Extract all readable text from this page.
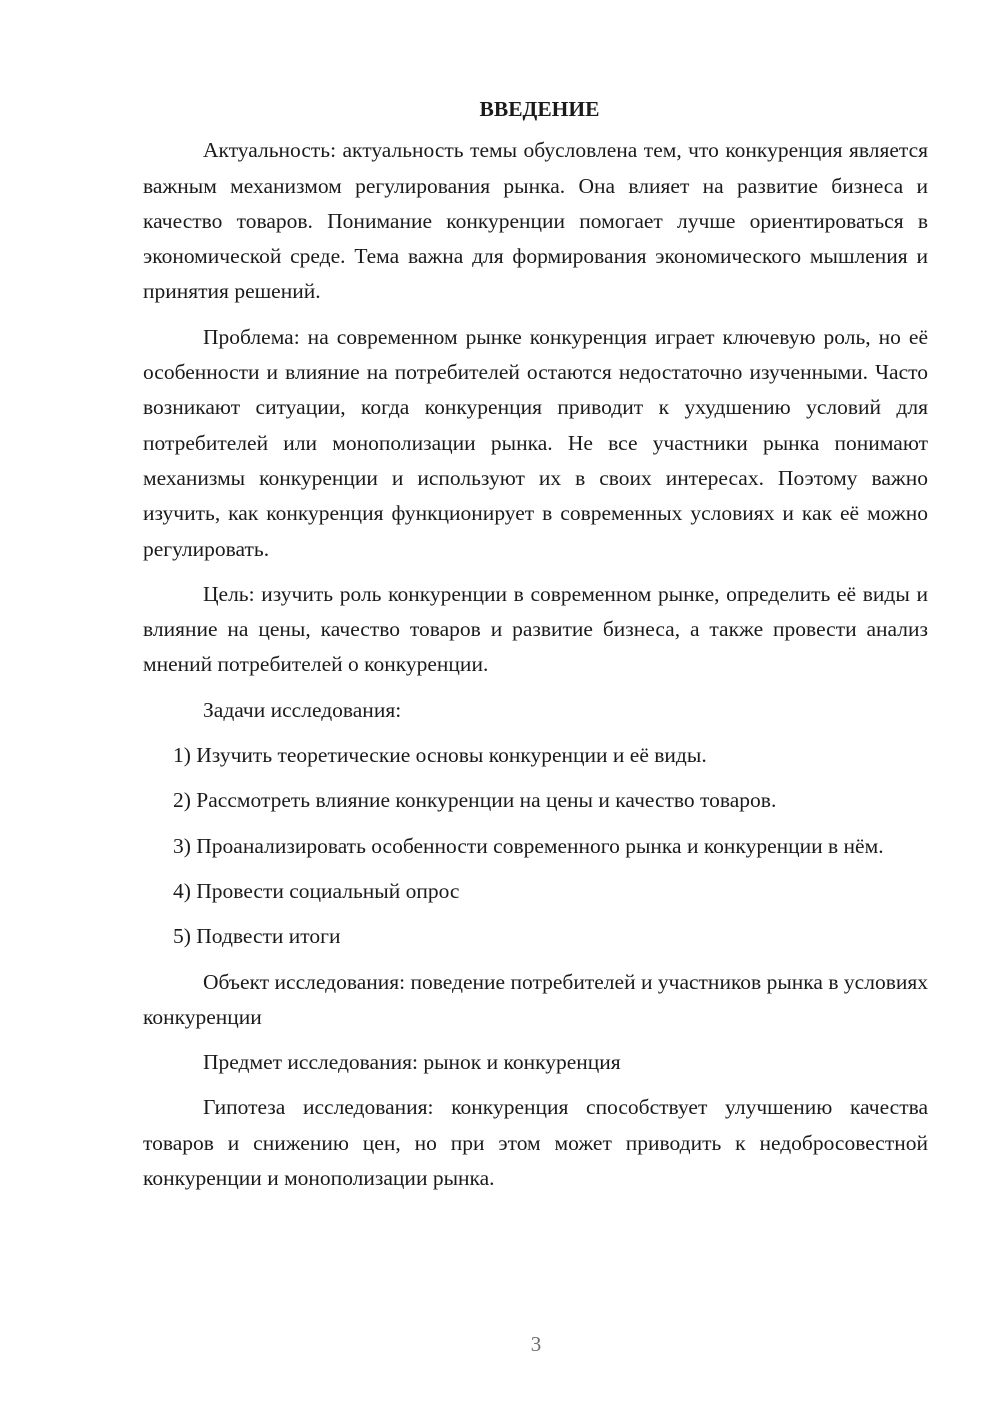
ВВЕДЕНИЕ

Актуальность: актуальность темы обусловлена тем, что конкуренция является важным механизмом регулирования рынка. Она влияет на развитие бизнеса и качество товаров. Понимание конкуренции помогает лучше ориентироваться в экономической среде. Тема важна для формирования экономического мышления и принятия решений.

Проблема: на современном рынке конкуренция играет ключевую роль, но её особенности и влияние на потребителей остаются недостаточно изученными. Часто возникают ситуации, когда конкуренция приводит к ухудшению условий для потребителей или монополизации рынка. Не все участники рынка понимают механизмы конкуренции и используют их в своих интересах. Поэтому важно изучить, как конкуренция функционирует в современных условиях и как её можно регулировать.

Цель: изучить роль конкуренции в современном рынке, определить её виды и влияние на цены, качество товаров и развитие бизнеса, а также провести анализ мнений потребителей о конкуренции.

Задачи исследования:

1) Изучить теоретические основы конкуренции и её виды.

2) Рассмотреть влияние конкуренции на цены и качество товаров.

3) Проанализировать особенности современного рынка и конкуренции в нём.

4) Провести социальный опрос

5) Подвести итоги

Объект исследования: поведение потребителей и участников рынка в условиях конкуренции

Предмет исследования: рынок и конкуренция

Гипотеза исследования: конкуренция способствует улучшению качества товаров и снижению цен, но при этом может приводить к недобросовестной конкуренции и монополизации рынка.

3
